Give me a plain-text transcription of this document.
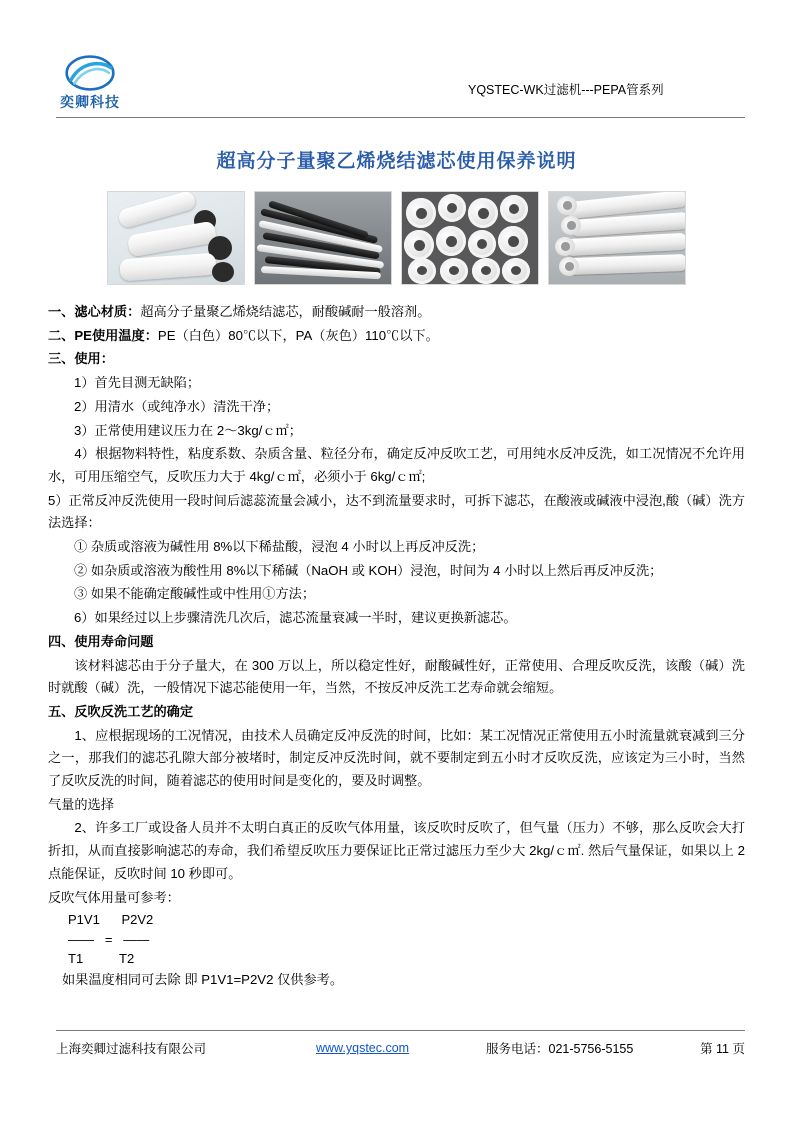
奕卿科技
YQSTEC-WK过滤机---PEPA管系列
超高分子量聚乙烯烧结滤芯使用保养说明

一、滤心材质：超高分子量聚乙烯烧结滤芯，耐酸碱耐一般溶剂。

二、PE使用温度：PE（白色）80℃以下，PA（灰色）110℃以下。

三、使用：

1）首先目测无缺陷；

2）用清水（或纯净水）清洗干净；

3）正常使用建议压力在 2～3kg/ｃ㎡；

4）根据物料特性，粘度系数、杂质含量、粒径分布，确定反冲反吹工艺，可用纯水反冲反洗，如工况情况不允许用水，可用压缩空气，反吹压力大于 4kg/ｃ㎡，必须小于 6kg/ｃ㎡;

5）正常反冲反洗使用一段时间后滤蕊流量会减小，达不到流量要求时，可拆下滤芯，在酸液或碱液中浸泡,酸（碱）洗方法选择：

① 杂质或溶液为碱性用 8%以下稀盐酸，浸泡 4 小时以上再反冲反洗；

② 如杂质或溶液为酸性用 8%以下稀碱（NaOH 或 KOH）浸泡，时间为 4 小时以上然后再反冲反洗；

③ 如果不能确定酸碱性或中性用①方法；

6）如果经过以上步骤清洗几次后，滤芯流量衰减一半时，建议更换新滤芯。

四、使用寿命问题

该材料滤芯由于分子量大，在 300 万以上，所以稳定性好，耐酸碱性好，正常使用、合理反吹反洗，该酸（碱）洗时就酸（碱）洗，一般情况下滤芯能使用一年，当然，不按反冲反洗工艺寿命就会缩短。

五、反吹反洗工艺的确定

1、应根据现场的工况情况，由技术人员确定反冲反洗的时间，比如：某工况情况正常使用五小时流量就衰减到三分之一，那我们的滤芯孔隙大部分被堵时，制定反冲反洗时间，就不要制定到五小时才反吹反洗，应该定为三小时，当然了反吹反洗的时间，随着滤芯的使用时间是变化的，要及时调整。

气量的选择

2、许多工厂或设备人员并不太明白真正的反吹气体用量，该反吹时反吹了，但气量（压力）不够，那么反吹会大打折扣，从而直接影响滤芯的寿命，我们希望反吹压力要保证比正常过滤压力至少大 2kg/ｃ㎡. 然后气量保证，如果以上 2 点能保证，反吹时间 10 秒即可。

反吹气体用量可参考：

P1V1      P2V2
——   =   ——
T1          T2

如果温度相同可去除 即 P1V1=P2V2 仅供参考。

上海奕卿过滤科技有限公司	www.yqstec.com	服务电话：021-5756-5155	第 11 页
